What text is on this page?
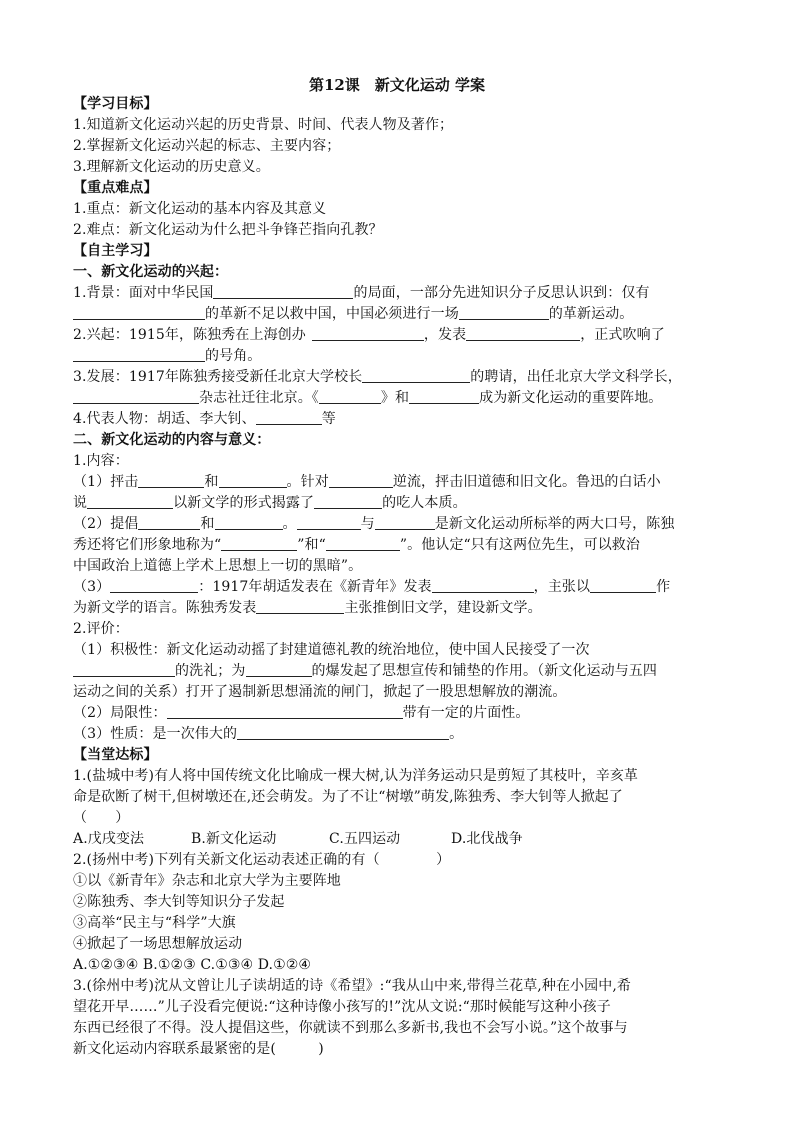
第12课　新文化运动 学案
【学习目标】
1.知道新文化运动兴起的历史背景、时间、代表人物及著作；
2.掌握新文化运动兴起的标志、主要内容；
3.理解新文化运动的历史意义。
【重点难点】
1.重点：新文化运动的基本内容及其意义
2.难点：新文化运动为什么把斗争锋芒指向孔教？
【自主学习】
一、新文化运动的兴起：
1.背景：面对中华民国	的局面，一部分先进知识分子反思认识到：仅有
的革新不足以救中国，中国必须进行一场	的革新运动。
2.兴起：1915年，陈独秀在上海创办	，发表	，正式吹响了
的号角。
3.发展：1917年陈独秀接受新任北京大学校长	的聘请，出任北京大学文科学长，
杂志社迁往北京。《	》和	成为新文化运动的重要阵地。
4.代表人物：胡适、李大钊、	等
二、新文化运动的内容与意义：
1.内容：
（1）抨击	和	。针对	逆流，抨击旧道德和旧文化。鲁迅的白话小
说	以新文学的形式揭露了	的吃人本质。
（2）提倡	和	。	与	是新文化运动所标举的两大口号，陈独
秀还将它们形象地称为“	”和“	”。他认定“只有这两位先生，可以救治
中国政治上道德上学术上思想上一切的黑暗”。
（3）	：1917年胡适发表在《新青年》发表	，主张以	作
为新文学的语言。陈独秀发表	主张推倒旧文学，建设新文学。
2.评价：
（1）积极性：新文化运动动摇了封建道德礼教的统治地位，使中国人民接受了一次
的洗礼；为	的爆发起了思想宣传和铺垫的作用。（新文化运动与五四
运动之间的关系）打开了遏制新思想涌流的闸门，掀起了一股思想解放的潮流。
（2）局限性：	带有一定的片面性。
（3）性质：是一次伟大的	。
【当堂达标】
1.(盐城中考)有人将中国传统文化比喻成一棵大树,认为洋务运动只是剪短了其枝叶，辛亥革
命是砍断了树干,但树墩还在,还会萌发。为了不让“树墩”萌发,陈独秀、李大钊等人掀起了
（　　）
A.戊戌变法	B.新文化运动	C.五四运动	D.北伐战争
2.(扬州中考)下列有关新文化运动表述正确的有（　　　　）
①以《新青年》杂志和北京大学为主要阵地
②陈独秀、李大钊等知识分子发起
③高举“民主与“科学”大旗
④掀起了一场思想解放运动
A.①②③④ B.①②③ C.①③④ D.①②④
3.(徐州中考)沈从文曾让儿子读胡适的诗《希望》:“我从山中来,带得兰花草,种在小园中,希
望花开早……”儿子没看完便说:“这种诗像小孩写的!”沈从文说:“那时候能写这种小孩子
东西已经很了不得。没人提倡这些，你就读不到那么多新书,我也不会写小说。”这个故事与
新文化运动内容联系最紧密的是(　　　)
